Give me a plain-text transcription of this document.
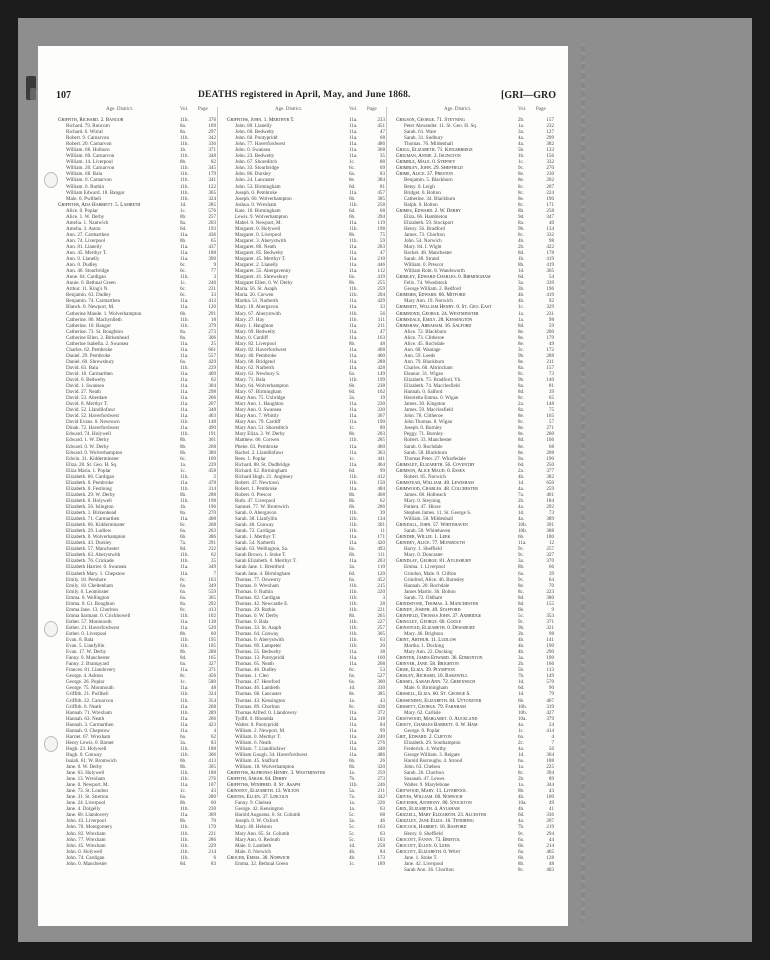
107	DEATHS registered in April, May, and June 1868.	[GRI—GRO
Age. District.	Vol. Page
Griffith, Richard. 2. Bangor	11b.	376
Richard. 79. Runcorn	8a.	169
Richard. 6. Wirral	8a.	297
Robert. 9. Carnarvon	11b.	342
Robert. 20. Carnarvon	11b.	336
William. 68. Holborn	1b.	371
William. 60. Carnarvon	11b.	348
William. 14. Liverpool	8b.	82
William. 20. Carnarvon	11b.	345
William. 68. Bala	11b.	179
William. 0. Carnarvon	11b.	341
William. 0. Ruthin	11b.	122
William Edward. 18. Bangor	11b.	365
Male. 0. Pwllheli	11b.	324
Griffiths, Ada Harriett. 5. Lambeth	1d.	285
Alice. 0. Poplar	1c.	576
Alice. 1. W. Derby	8b.	257
Amelia. 1. Nantwich	8a.	203
Amelia. 3. Aston	6d.	193
Ann. 27. Carmarthen	11a.	436
Ann. 74. Liverpool	8b.	65
Ann. 81. Llanelly	11a.	437
Ann. 45. Merthyr T.	11a.	188
Ann. 0. Llanelly	11a.	390
Ann. 0. Dudley	6c.	9
Ann. 46. Stourbridge	6c.	77
Anne. 64. Cardigan	11b.	3
Annie. 0. Bethnal Green	1c.	240
Arthur. 11. King's N.	6c.	231
Benjamin. 63. Dudley	6c.	33
Benjamin. 74. Carmarthen	11a.	413
Blanch. 0. Newport, M.	11a.	120
Catherine Maude. 1. Wolverhampton	6b.	291
Catherine. 80. Machynlleth	11b.	18
Catherine. 10. Bangor	11b.	379
Catherine. 73. St. Boughton	8a.	273
Catherine Ellen. 2. Birkenhead	8a.	306
Catherine Isabella. 2. Swansea	11a.	25
Charles. 62. Pembroke	11a.	661
Daniel. 29. Pembroke	11a.	557
Daniel. 60. Shrewsbury	6a.	429
David. 63. Bala	11b.	229
David. 18. Carmarthen	11a.	409
David. 0. Bedwelty	11a.	62
David. 1. Swansea	11a.	304
David. 27. Neath	11a.	298
David. 53. Aberdare	11a.	266
David. 8. Merthyr T.	11a.	207
David. 52. Llandilofawr	11a.	348
David. 52. Haverfordwest	11a.	463
David Evans. 0. Newtown	11b.	148
Dinah. 72. Haverfordwest	11a.	490
Edward. 74. Holywell	11b.	191
Edward. 1. W. Derby	8b.	361
Edward. 0. W. Derby	8b.	268
Edward. 0. Wolverhampton	6b.	380
Edwin. 31. Kidderminster	6c.	169
Eliza. 28. St. Geo. H. Sq.	1a.	239
Eliza Maria. 1. Poplar	1c.	458
Elizabeth. 66. Cardigan	11b.	2
Elizabeth. 0. Pembroke	11a.	478
Elizabeth. 0. Festiniog	11b.	314
Elizabeth. 29. W. Derby	8b.	288
Elizabeth. 0. Holywell	11b.	198
Elizabeth. 56. Islington	1b.	196
Elizabeth. 1. Birkenhead	8a.	270
Elizabeth. 71. Carmarthen	11a.	408
Elizabeth. 66. Kidderminster	6c.	268
Elizabeth. 29. Ludlow	6a.	263
Elizabeth. 0. Wolverhampton	6b.	386
Elizabeth. 43. Dursley	7a.	291
Elizabeth. 57. Manchester	8d.	232
Elizabeth. 63. Aberystwith	11b.	62
Elizabeth. 76. Crickade	11b.	35
Elizabeth Harriet. 0. Swansea	11a.	349
Elizabeth Mary. 1. Chepstow	11a.	7
Emily. 18. Pershore	6c.	163
Emily. 18. Cheltenham	6a.	349
Emily. 0. Leominster	6a.	559
Emma. 0. Wellington	6a.	365
Emma. 0. Gt. Boughton	8a.	292
Emma Jane. 13. Chorlton	8c.	413
Emma Sarmant. 0. Crickhowell	11b.	102
Esther. 57. Monmouth	11a.	138
Esther. 21. Haverfordwest	11a.	520
Esther. 0. Liverpool	8b.	60
Evan. 8. Bala	11b.	195
Evan. 5. Llanfyllin	11b.	105
Evan. 17. W. Derby	8b.	288
Fanny. 0. Manchester	8d.	165
Fanny. 2. Brampyard	6a.	327
Frances. 81. Llandovery	11a.	371
George. 4. Ashton	8c.	456
George. 26. Poplar	1c.	580
George. 75. Monmouth	11a.	48
Griffith. 21. Pwllheli	11b.	324
Griffith. 22. Carnarvon	11b.	354
Griffith. 0. Neath	11a.	268
Hannah. 71. Wrexham	11b.	289
Hannah. 63. Neath	11a.	266
Hannah. 3. Carmarthen	11a.	423
Hannah. 0. Chepstow	11a.	4
Harriet. 67. Wrexham	6a.	62
Henry Lewis. 0. Barnet	3a.	83
Hugh. 23. Holywell	11b.	188
Hugh. 0. Conway	11b.	306
Isaiah. 61. W. Bromwich	6b.	413
Jane. 0. W. Derby	8b.	305
Jane. 63. Holywell	11b.	188
Jane. 13. Wrexham	11b.	276
Jane. 0. Newport, M.	11a.	107
Jane. 73. St. London	1c.	43
Jane. 31. St. Stretton	6a.	280
Jane. 24. Liverpool	8b.	60
Jane. 4. Dolgelly	11b.	230
Jane. 68. Llandovery	11a.	369
John. 43. Liverpool	8b.	70
John. 70. Montgomery	11b.	170
John. 82. Wrexham	11b.	221
John. 77. Wrexham	11b.	286
John. 45. Wrexham	11b.	229
John. 0. Holywell	11b.	214
John. 74. Cardigan	11b.	6
John. 0. Manchester	8d.	83
Age. District.	Vol. Page
Griffiths, John. 1. Merthyr T.	11a.	233
John. 80. Llanelly	11a.	451
John. 60. Bedwelty	11a.	47
John. 60. Pontypridd	11a.	68
John. 77. Haverfordwest	11a.	486
John. 0. Swansea	11a.	368
John. 23. Bedwelty	11a.	35
John. 67. Shoreditch	1c.	88
John. 33. Stourbridge	6c.	69
John. 86. Dursley	6a.	83
John. 24. Lancaster	8e.	384
John. 53. Birmingham	6d.	81
Joseph. 0. Pembroke	11a.	457
Joseph. 60. Wolverhampton	6b.	385
Joshua. 0. Wrexham	11b.	258
Kate. 10. Birmingham	6d.	68
Lewis. 9. Wolverhampton	6b.	394
Mabel. 0. Newport, M.	11a.	119
Margaret. 0. Holywell	11b.	198
Margaret. 0. Liverpool	8b.	75
Margaret. 3. Aberystwith	11b.	59
Margaret. 80. Neath	11a.	283
Margaret. 85. Bedwelty	11a.	47
Margaret. 45. Merthyr T.	11a.	210
Margaret. 2. Llanelly	11a.	446
Margaret. 55. Abergavenny	11a.	112
Margaret. 41. Shrewsbury	6a.	419
Margaret Ellen. 0. W. Derby	8b.	255
Maria. 56. St. Asaph	11b.	259
Maria. 20. Corwen	11b.	204
Martha. 51. Narberth	11a.	429
Mary. 18. Abergavon	11a.	33
Mary. 67. Aberystwith	11b.	56
Mary. 27. Hay	11b.	111
Mary. 1. Haughton	11a.	211
Mary. 69. Bedwelty	11a.	47
Mary. 0. Cardiff	11a.	163
Mary. 82. Liverpool	8b.	48
Mary. 82. Haverfordwest	11a.	468
Mary. 40. Pembroke	11a.	460
Mary. 68. Bridgend	11a.	288
Mary. 62. Narberth	11a.	428
Mary. 63. Newbury S.	6a.	149
Mary. 71. Bala	11b.	199
Mary. 64. Wolverhampton	6b.	238
Mary. 67. Birmingham	6d.	102
Mary Ann. 75. Uxbridge	3a.	19
Mary Ann. 1. Haughton	11a.	230
Mary Ann. 0. Swansea	11a.	330
Mary Ann. 7. Whittly	11a.	367
Mary Ann. 79. Cardiff	11a.	190
Mary Ann. 51. Shoreditch	1c.	80
Mary Eliza. 2. W. Derby	8b.	203
Matthew. 66. Corwen	11b.	285
Phebe. 63. Pembroke	11a.	460
Rachel. 2. Llandilofawr	11a.	363
Rees. 1. Poplar	1c.	441
Richard. 88. St. Dudbridge	11a.	464
Richard. 62. Birmingham	6d.	99
Richard Hugh. 21. Anglesey	11b.	412
Robert. 47. Newtown	11b.	150
Robert. 1. Pembroke	11a.	484
Robert. 0. Prescot	8b.	468
Ruth. 47. Liverpool	8b.	62
Samuel. 77. W. Bromwich	6b.	286
Sarah. 0. Abergavon	11b.	39
Sarah. 38. Llanfyllin	11b.	134
Sarah. 48. Conway	11b.	301
Sarah. 72. Cardigan	11b.	11
Sarah. 1. Merthyr T.	11a.	171
Sarah. 54. Narberth	11a.	420
Sarah. 63. Wellington, Sa.	6a.	493
Sarah Brown. 1. Stoke T.	6b.	111
Sarah Elizabeth. 0. Merthyr T.	11a.	203
Sarah Jane. 1. Brentford	3a.	110
Sarah Jane. 4. Birmingham	6d.	120
Thomas. 77. Oswestry	6a.	452
Thomas. 0. Wrexham	11b.	215
Thomas. 0. Ruthin	11b.	220
Thomas. 82. Cardigan	11b.	3
Thomas. 42. Newcastle E.	11b.	28
Thomas. 29. Ruthin	11b.	221
Thomas. 0. W. Derby	8b.	265
Thomas. 0. Bala	11b.	227
Thomas. 33. St. Asaph	11b.	257
Thomas. 64. Conway	11b.	305
Thomas. 0. Aberystwith	11b.	63
Thomas. 69. Lampeter	11b.	20
Thomas. 55. Bedwelty	11a.	38
Thomas. 13. Pontypridd	11a.	160
Thomas. 65. Neath	11a.	268
Thomas. 46. Dudley	6c.	53
Thomas. 1. Cleo	6a.	527
Thomas. 47. Hereford	6a.	300
Thomas. 46. Lambeth	1d.	330
Thomas. 68. Lancaster	8e.	385
Thomas. 43. Kensington	1a.	43
Thomas. 89. Chorlton	8c.	436
Thomas Alfred. 0. Llandovery	11a.	372
Tydfil. 0. Rhondda	11a.	318
Walter. 0. Pontypridd	11a.	84
William. 2. Newport, M.	11a.	99
William. 0. Merthyr T.	11a.	240
William. 6. Neath	11a.	276
William. 7. Llandilofawr	11a.	348
William Gough. 34. Haverfordwest	11a.	486
William. 45. Stafford	6b.	26
William. 18. Wolverhampton	6b.	320
Griffiths, Alphonso Henry. 3. Westminster	1a.	259
Griffith, Sarah. 84. Derby	7b.	273
Griffiths, Winifred. 0. St. Asaph	11b.	246
Grinstey, Elizabeth. 13. Wilton	5a.	211
Gristes, Ellen. 37. Lincoln	7a.	342
Fanny. 9. Chelsea	1a.	226
George. 42. Kensington	1a.	63
Harold Augustus. 0. St. Columb	5c.	68
Joseph. 0. W. Oxford	3a.	46
Mary. 40. Helston	5c.	163
Mary Ann. 65. St. Columb	5c.	63
Mary Ann. 0. Redruth	5c.	103
Male. 0. Lambeth	1d.	258
Male. 0. Norwich	4b.	84
Grocer, Emma. 30. Norwich	4b.	173
Emma. 32. Bethnal Green	1c.	189
Age. District.	Vol. Page
Grigson, George. 71. Steyning	2b.	157
Peter Alexander. 11. St. Geo. H. Sq.	1a.	232
Sarah. 61. Ware	3a.	127
Sarah. 31. Sudbury	4a.	299
Thomas. 76. Mildenhall	4a.	382
Grigg, Elizabeth. 71. Kingsbridge	5b.	133
Grigman, Annie. 2. Islington	1b.	156
Grimble, Male. 0. Stepney	1c.	332
Grimbley, John. 29. Sheffield	9c.	270
Grime, Alice. 37. Preston	8e.	230
Benjamin. 5. Blackburn	8e.	202
Betsy. 0. Leigh	8c.	207
Bridget. 0. Bolton	8c.	224
Catherine. 34. Blackburn	8e.	190
Ralph. 0. Bolton	8c.	171
Grimes, Edward. 2. W. Derby	8b.	258
Eliza. 66. Hambleton	9d.	347
Elizabeth. 59. Stockport	8a.	40
Henry. 56. Bradford	9b.	134
James. 73. Chorlton	8c.	332
John. 54. Norwich	4b.	98
Mary. 84. I. Wight	2b.	422
Rachel. 48. Manchester	8d.	178
Sarah. 48. Strand	1b.	419
William. 0. Prescot	8b.	419
William Robt. 8. Wandsworth	1d.	365
Grimley, Edward Charles. 0. Birmingham	6d.	54
Felix. 74. Woodstock	3a.	339
George William. 2. Bedford	3b.	196
Grimmer, Edward. 66. Mitford	4b.	419
Mary Ann. 19. Norwich	4b.	92
Grimmitt, William Henry. 0. St. Geo. East	1c.	329
Grimmond, George. 24. Westminster	1a.	231
Grimsdale, Emily. 28. Kensington	1a.	98
Grimshaw, Abraham. 16. Salford	8d.	59
Alice. 72. Blackburn	8e.	200
Alice. 73. Clitheroe	8e.	179
Alice. 45. Rochdale	8e.	49
Ann. 68. Wantage	3c.	172
Ann. 59. Leeds	9b.	288
Ann. 79. Blackburn	8e.	211
Charles. 68. Altrincham	8a.	157
Eleanor. 31. Wigan	8c.	73
Elizabeth. 75. Bradford, Yk.	9b.	140
Elizabeth. 74. Macclesfield	8a.	81
Hannah. 0. Salford	8d.	39
Henrietta Emma. 0. Wigan	8c.	65
James. 30. Kingston	2a.	148
James. 59. Macclesfield	8a.	75
John. 78. Clitheroe	8e.	165
John Thomas. 8. Wigan	8c.	57
Joseph. 0. Burnley	8e.	271
Peggy. 71. Burnley	8e.	260
Robert. 33. Manchester	8d.	106
Sarah. 0. Rochdale	8e.	68
Sarah. 58. Blackburn	8e.	208
Thomas Peter. 27. Wharfedale	9a.	190
Grimsley, Elizabeth. 56. Coventry	6d.	250
Grimson, Alice Maud. 0. Essex	2a.	377
Robert. 85. Norwich	4b.	382
Grimstead, William. 40. Lewisham	1d.	650
Grimwood, Charles. 48. Colchester	4a.	259
James. 68. Holbeach	7a.	401
Mary. 0. Steyning	2b.	184
Patient. 47. Hinxe	4a.	292
Stephen James. 11. St. George S.	1d.	73
William. 58. Mildenhall	4a.	389
Grindall, John. 57. Whitehaven	10b.	391
Sarah. 50. Whitehaven	10b.	388
Grinder, Willie. 1. Leek	6b.	180
Grindey, Alice. 77. Monmouth	11a.	12
Harry. 1. Sheffield	9c.	257
Mary. 0. Doncaster	9c.	327
Grindlay, George. 81. Aylesbury	3a.	370
Emma. 1. Liverpool	8b.	66
Grindon, Male. 0. Clifton	6a.	39
Grindrod, Alice. 46. Barnsley	9c.	64
Hannah. 20. Rochdale	8e.	70
James Martin. 36. Bolton	8c.	223
Sarah. 72. Oldham	8d.	380
Grindstone, Thomas. 3. Manchester	8d.	155
Grindy, Joseph. 49. Stafford	6b.	9
Grinfield, Thomas John. 37. Axbridge	5c.	353
Gringley, George. 60. Goole	9c.	371
Grinstead, Elizabeth. 0. Dewsbury	9b.	321
Mary. 46. Brighton	2b.	98
Grint, Arthur. 11. Ludlow	4b.	141
Martha. 1. Docking	4b.	190
Mary Ann. 22. Docking	4b.	290
Grinter, James Edward. 36. Edmonton	3a.	190
Grinyer, Jane. 58. Brighton	2b.	166
Grise, Eliza. 39. Plympton	5b.	113
Grisley, Richard. 10. Bakewell	7b.	149
Grissel, Sarah Ann. 72. Greenwich	1d.	570
Male. 0. Birmingham	6d.	90
Grissell, Eliza. 60. St. George S.	1d.	79
Grissenden, Elizabeth. 84. Uttoxeter	6b.	467
Grissett, George. 79. Farnham	10b.	319
Mary. 62. Carlisle	10b.	427
Gristwood, Margaret. 0. Auckland	10a.	379
Gristy, Charles Barrett. 0. W. Ham	4a.	24
George. 0. Poplar	1c.	414
Grit, Edward. 2. Clifton	6a.	4
Elizabeth. 29. Southampton	2c.	7
Frederick. 4. Worthy	4a.	56
George William. 3. Reigate	1d.	304
Harold Burroughs. 4. Strood	6a.	188
John. 63. Chelsea	1a.	225
Sarah. 26. Chorlton	8c.	394
Susanah. 47. Lewes	2b.	89
Walter. 9. Marylebone	1a.	344
Gritwood, Mary. 11. Liverpool	8b.	43
Grives, William. 60. Norwich	4b.	100
Grivener, Anthony. 80. Stockton	10a.	49
Grix, Elizabeth. 4. Aylsham	4b.	41
Grizzell, Mary Elizabeth. 23. Alcester	6d.	336
Grizzley, Jane Eliza. 16. Tendring	4a.	207
Grocock, Harriet. 16. Basford	7b.	219
Henry. 0. Sheffield	9c.	294
Grocott, Fanny. 73. Bristol	6a.	44
Grocott, Ellen. 0. Leek	6b.	214
Grocott, Elizabeth. 0. West	6a.	465
Jane. 1. Stoke T.	6b.	128
Jane. 42. Liverpool	8b.	48
Sarah Ann. 36. Chorlton	8c.	403
